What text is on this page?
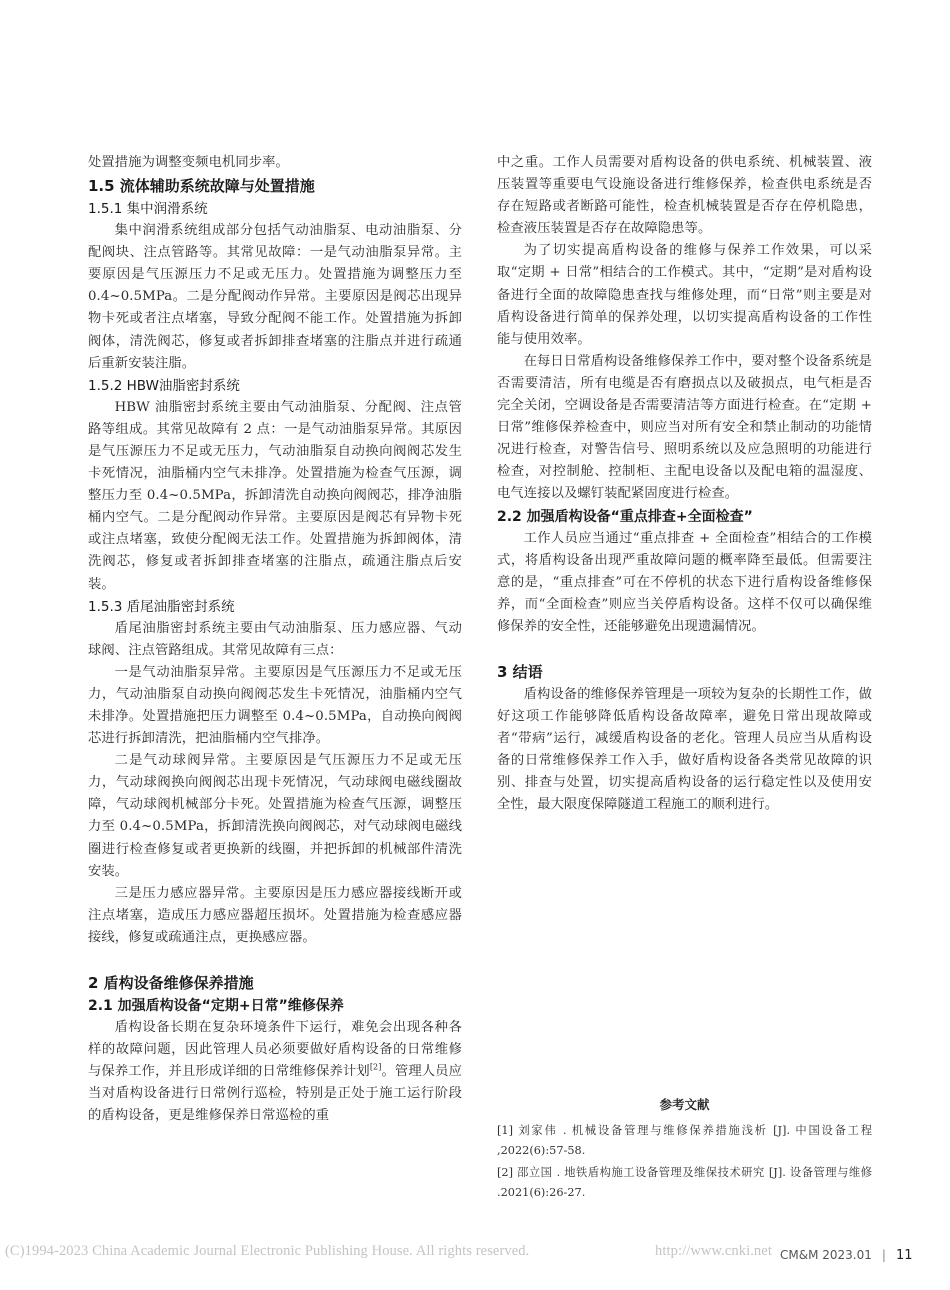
处置措施为调整变频电机同步率。

1.5 流体辅助系统故障与处置措施
1.5.1 集中润滑系统

集中润滑系统组成部分包括气动油脂泵、电动油脂泵、分配阀块、注点管路等。其常见故障：一是气动油脂泵异常。主要原因是气压源压力不足或无压力。处置措施为调整压力至 0.4~0.5MPa。二是分配阀动作异常。主要原因是阀芯出现异物卡死或者注点堵塞，导致分配阀不能工作。处置措施为拆卸阀体，清洗阀芯，修复或者拆卸排查堵塞的注脂点并进行疏通后重新安装注脂。

1.5.2 HBW油脂密封系统

HBW 油脂密封系统主要由气动油脂泵、分配阀、注点管路等组成。其常见故障有 2 点：一是气动油脂泵异常。其原因是气压源压力不足或无压力，气动油脂泵自动换向阀阀芯发生卡死情况，油脂桶内空气未排净。处置措施为检查气压源，调整压力至 0.4~0.5MPa，拆卸清洗自动换向阀阀芯，排净油脂桶内空气。二是分配阀动作异常。主要原因是阀芯有异物卡死或注点堵塞，致使分配阀无法工作。处置措施为拆卸阀体，清洗阀芯，修复或者拆卸排查堵塞的注脂点，疏通注脂点后安装。

1.5.3 盾尾油脂密封系统

盾尾油脂密封系统主要由气动油脂泵、压力感应器、气动球阀、注点管路组成。其常见故障有三点：

一是气动油脂泵异常。主要原因是气压源压力不足或无压力，气动油脂泵自动换向阀阀芯发生卡死情况，油脂桶内空气未排净。处置措施把压力调整至 0.4~0.5MPa，自动换向阀阀芯进行拆卸清洗，把油脂桶内空气排净。

二是气动球阀异常。主要原因是气压源压力不足或无压力，气动球阀换向阀阀芯出现卡死情况，气动球阀电磁线圈故障，气动球阀机械部分卡死。处置措施为检查气压源，调整压力至 0.4~0.5MPa，拆卸清洗换向阀阀芯，对气动球阀电磁线圈进行检查修复或者更换新的线圈，并把拆卸的机械部件清洗安装。

三是压力感应器异常。主要原因是压力感应器接线断开或注点堵塞，造成压力感应器超压损坏。处置措施为检查感应器接线，修复或疏通注点，更换感应器。

2 盾构设备维修保养措施
2.1 加强盾构设备“定期+日常”维修保养

盾构设备长期在复杂环境条件下运行，难免会出现各种各样的故障问题，因此管理人员必须要做好盾构设备的日常维修与保养工作，并且形成详细的日常维修保养计划[2]。管理人员应当对盾构设备进行日常例行巡检，特别是正处于施工运行阶段的盾构设备，更是维修保养日常巡检的重

中之重。工作人员需要对盾构设备的供电系统、机械装置、液压装置等重要电气设施设备进行维修保养，检查供电系统是否存在短路或者断路可能性，检查机械装置是否存在停机隐患，检查液压装置是否存在故障隐患等。

为了切实提高盾构设备的维修与保养工作效果，可以采取“定期 + 日常”相结合的工作模式。其中，“定期”是对盾构设备进行全面的故障隐患查找与维修处理，而“日常”则主要是对盾构设备进行简单的保养处理，以切实提高盾构设备的工作性能与使用效率。

在每日日常盾构设备维修保养工作中，要对整个设备系统是否需要清洁，所有电缆是否有磨损点以及破损点，电气柜是否完全关闭，空调设备是否需要清洁等方面进行检查。在“定期 + 日常”维修保养检查中，则应当对所有安全和禁止制动的功能情况进行检查，对警告信号、照明系统以及应急照明的功能进行检查，对控制舱、控制柜、主配电设备以及配电箱的温湿度、电气连接以及螺钉装配紧固度进行检查。

2.2 加强盾构设备“重点排查+全面检查”

工作人员应当通过“重点排查 + 全面检查”相结合的工作模式，将盾构设备出现严重故障问题的概率降至最低。但需要注意的是，“重点排查”可在不停机的状态下进行盾构设备维修保养，而“全面检查”则应当关停盾构设备。这样不仅可以确保维修保养的安全性，还能够避免出现遗漏情况。

3 结语

盾构设备的维修保养管理是一项较为复杂的长期性工作，做好这项工作能够降低盾构设备故障率，避免日常出现故障或者“带病”运行，减缓盾构设备的老化。管理人员应当从盾构设备的日常维修保养工作入手，做好盾构设备各类常见故障的识别、排查与处置，切实提高盾构设备的运行稳定性以及使用安全性，最大限度保障隧道工程施工的顺利进行。

参考文献
[1] 刘家伟 . 机械设备管理与维修保养措施浅析 [J]. 中国设备工程 ,2022(6):57-58.
[2] 邵立国 . 地铁盾构施工设备管理及维保技术研究 [J]. 设备管理与维修 .2021(6):26-27.
(C)1994-2023 China Academic Journal Electronic Publishing House. All rights reserved.	http://www.cnki.net CM&M 2023.01 | 11
